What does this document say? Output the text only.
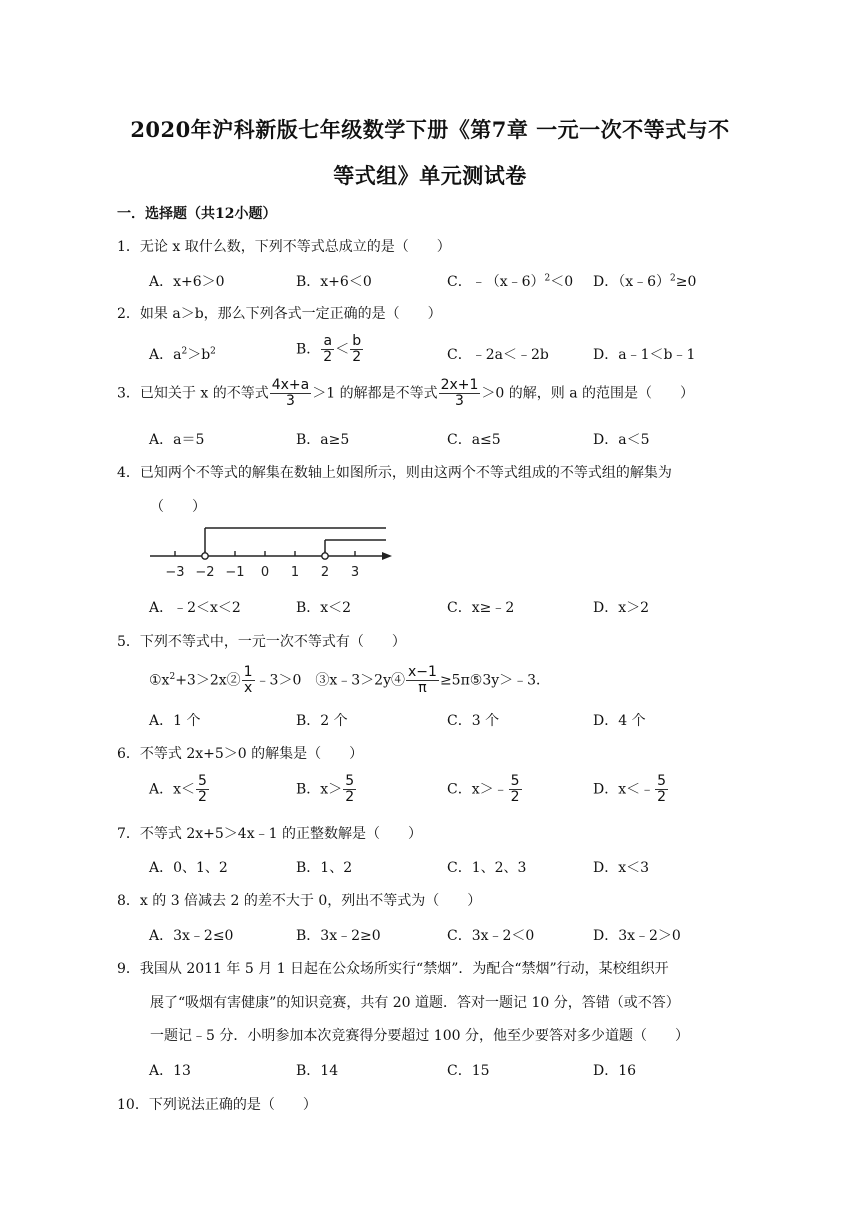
2020年沪科新版七年级数学下册《第7章 一元一次不等式与不
等式组》单元测试卷
一．选择题（共12小题）
1．无论 x 取什么数，下列不等式总成立的是（　　）
A．x+6＞0	B．x+6＜0	C．﹣（x﹣6）$^2$＜0 D．（x﹣6）$^2$≥0
2．如果 a＞b，那么下列各式一定正确的是（　　）
A．$a^2>b^2$	B． $\frac{a}{2} < \frac{b}{2}$	C．﹣2a＜﹣2b	D．a﹣1＜b﹣1
3．已知关于 x 的不等式 $\frac{4x+a}{3} >1$ 的解都是不等式 $\frac{2x+1}{3} >0$ 的解，则 a 的范围是（　　）
A．a＝5	B．a≥5	C．a≤5	D．a＜5
4．已知两个不等式的解集在数轴上如图所示，则由这两个不等式组成的不等式组的解集为
（　　）
−3 −2 −1 0 1 2 3
A．﹣2＜x＜2	B．x＜2	C．x≥﹣2	D．x＞2
5．下列不等式中，一元一次不等式有（　　）
$①x^2+3>2x② \frac{1}{x}$ ﹣3＞0　③x﹣3＞2y④ $\frac{x-1}{\pi}$ ≥5π⑤3y＞﹣3．
A．1 个	B．2 个	C．3 个	D．4 个
6．不等式 2x+5＞0 的解集是（　　）
A．$x< \frac{5}{2}$	B．$x> \frac{5}{2}$	C．x＞﹣ $\frac{5}{2}$	D．x＜﹣ $\frac{5}{2}$
7．不等式 2x+5＞4x﹣1 的正整数解是（　　）
A．0、1、2	B．1、2	C．1、2、3	D．x＜3
8．x 的 3 倍减去 2 的差不大于 0，列出不等式为（　　）
A．3x﹣2≤0	B．3x﹣2≥0	C．3x﹣2＜0	D．3x﹣2＞0
9．我国从 2011 年 5 月 1 日起在公众场所实行“禁烟”．为配合“禁烟”行动，某校组织开
展了“吸烟有害健康”的知识竞赛，共有 20 道题．答对一题记 10 分，答错（或不答）
一题记﹣5 分．小明参加本次竞赛得分要超过 100 分，他至少要答对多少道题（　　）
A．13	B．14	C．15	D．16
10．下列说法正确的是（　　）
